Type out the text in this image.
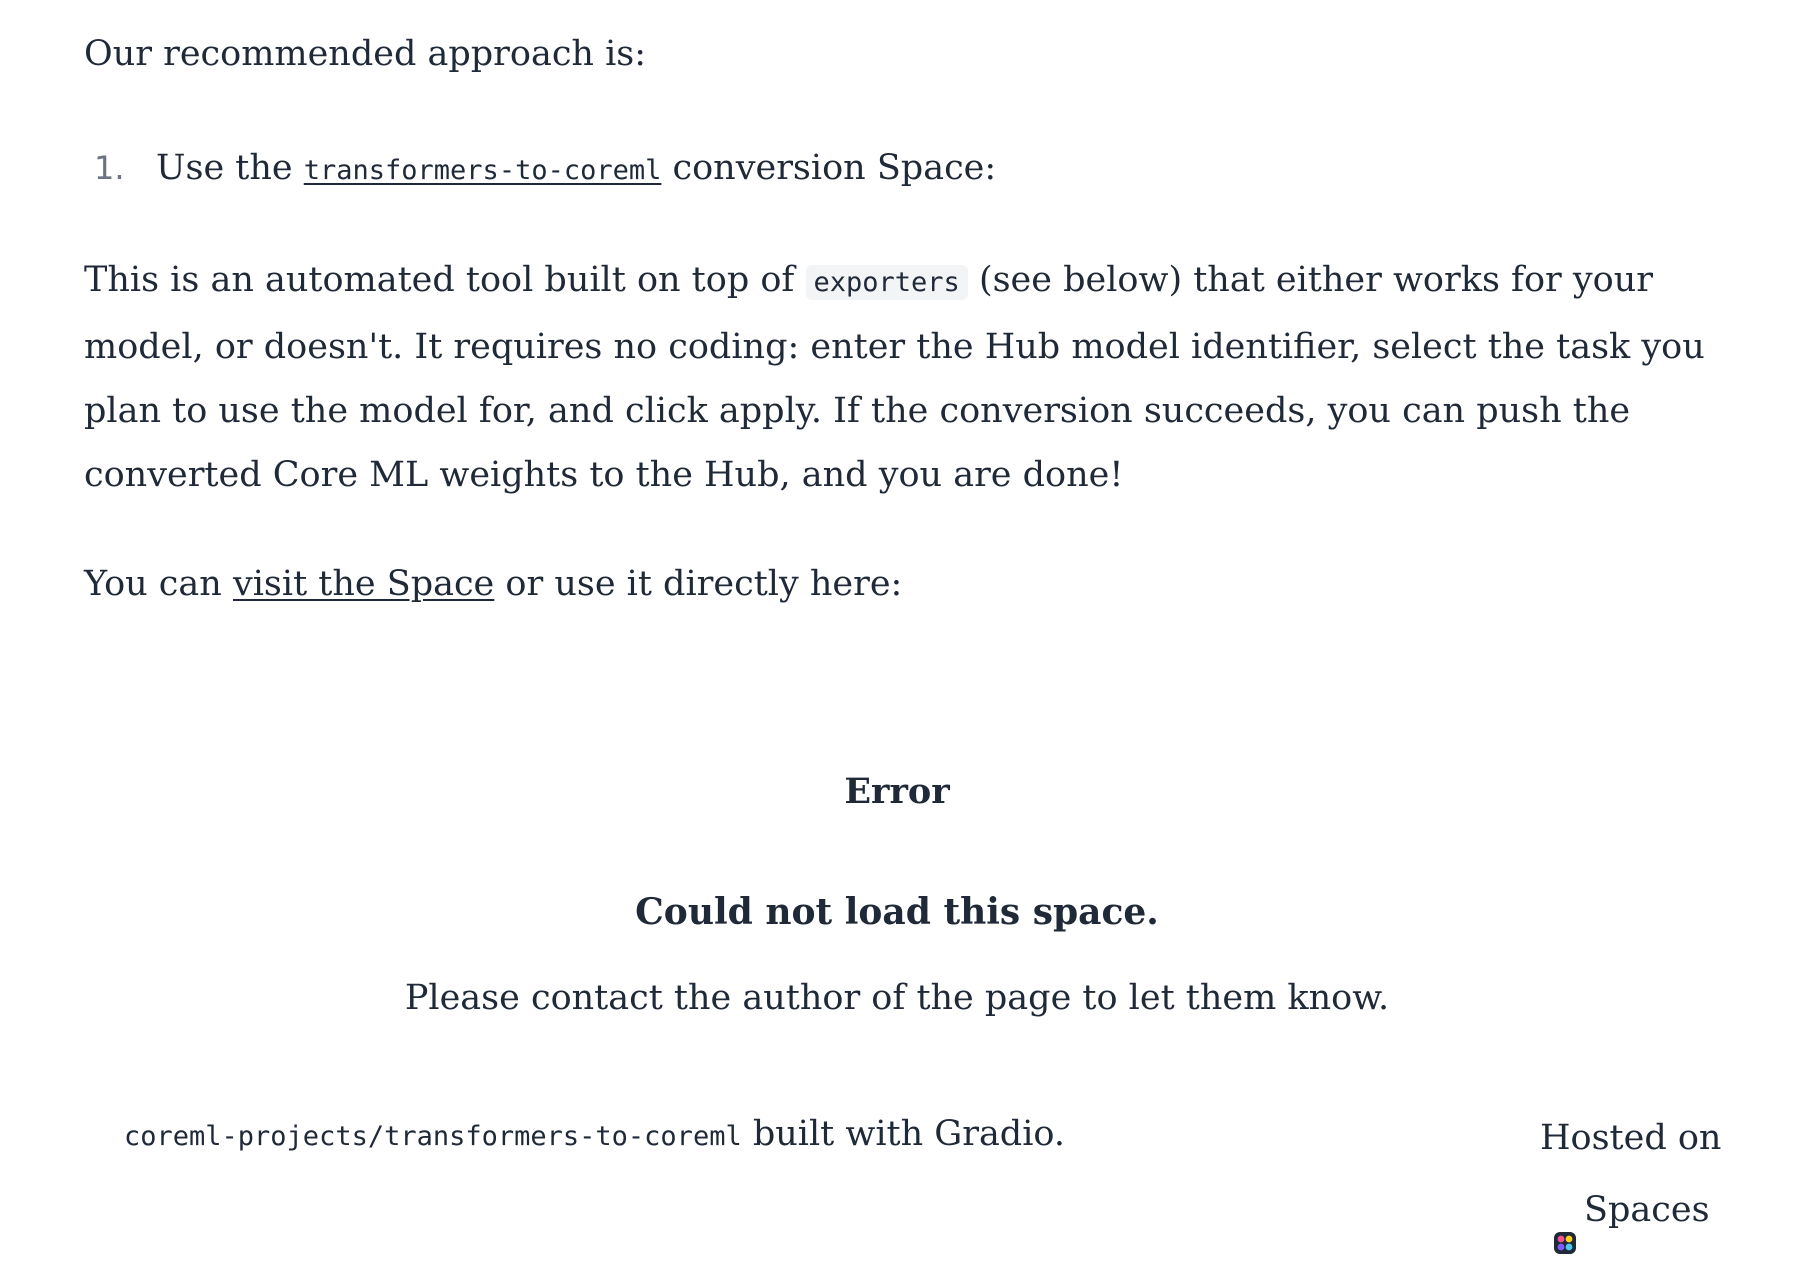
Our recommended approach is:

1. Use the transformers-to-coreml conversion Space:

This is an automated tool built on top of exporters (see below) that either works for your model, or doesn't. It requires no coding: enter the Hub model identifier, select the task you plan to use the model for, and click apply. If the conversion succeeds, you can push the converted Core ML weights to the Hub, and you are done!

You can visit the Space or use it directly here:

Error
Could not load this space.
Please contact the author of the page to let them know.
coreml-projects/transformers-to-coreml built with Gradio.	Hosted on
Spaces
